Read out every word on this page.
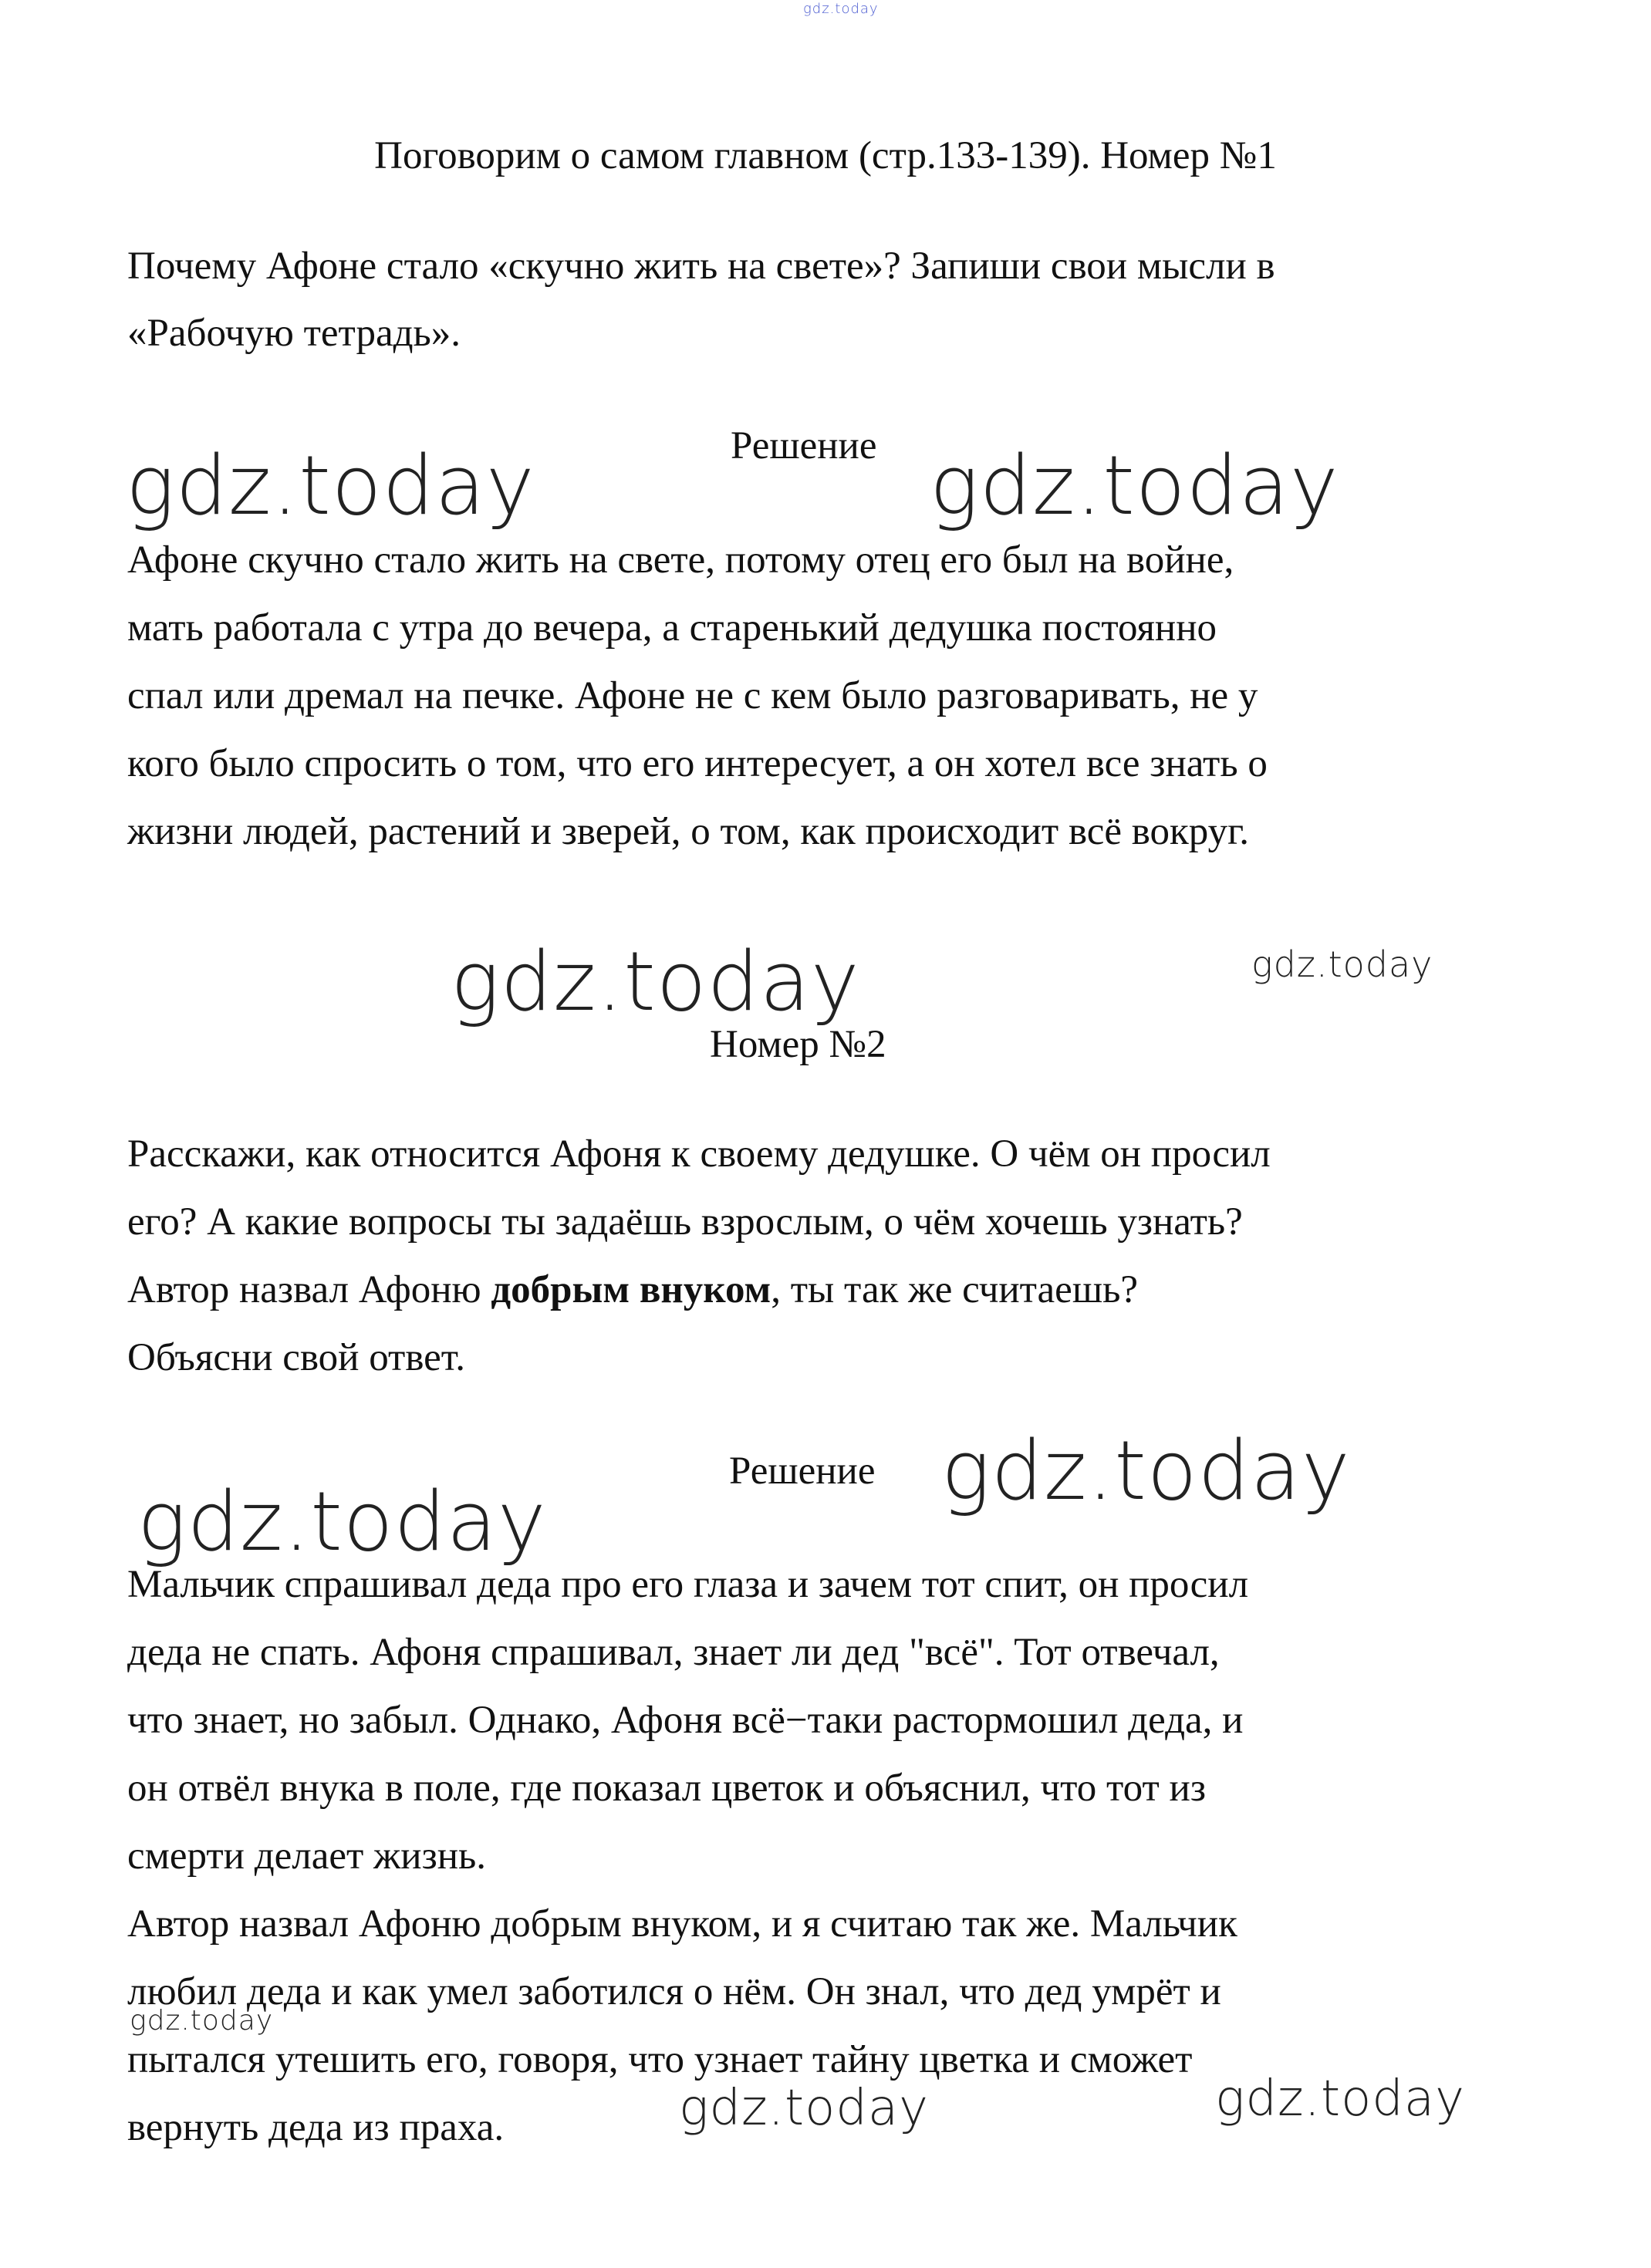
gdz.today
Поговорим о самом главном (стр.133-139). Номер №1
Почему Афоне стало «скучно жить на свете»? Запиши свои мысли в
«Рабочую тетрадь».
Решение
gdz.today	gdz.today
Афоне скучно стало жить на свете, потому отец его был на войне,
мать работала с утра до вечера, а старенький дедушка постоянно
спал или дремал на печке. Афоне не с кем было разговаривать, не у
кого было спросить о том, что его интересует, а он хотел все знать о
жизни людей, растений и зверей, о том, как происходит всё вокруг.
gdz.today	gdz.today
Номер №2
Расскажи, как относится Афоня к своему дедушке. О чём он просил
его? А какие вопросы ты задаёшь взрослым, о чём хочешь узнать?
Автор назвал Афоню добрым внуком, ты так же считаешь?
Объясни свой ответ.
Решение gdz.today
gdz.today
Мальчик спрашивал деда про его глаза и зачем тот спит, он просил
деда не спать. Афоня спрашивал, знает ли дед "всё". Тот отвечал,
что знает, но забыл. Однако, Афоня всё−таки растормошил деда, и
он отвёл внука в поле, где показал цветок и объяснил, что тот из
смерти делает жизнь.
Автор назвал Афоню добрым внуком, и я считаю так же. Мальчик
любил деда и как умел заботился о нём. Он знал, что дед умрёт и
gdz.today
пытался утешить его, говоря, что узнает тайну цветка и сможет
вернуть деда из праха.	gdz.today	gdz.today
